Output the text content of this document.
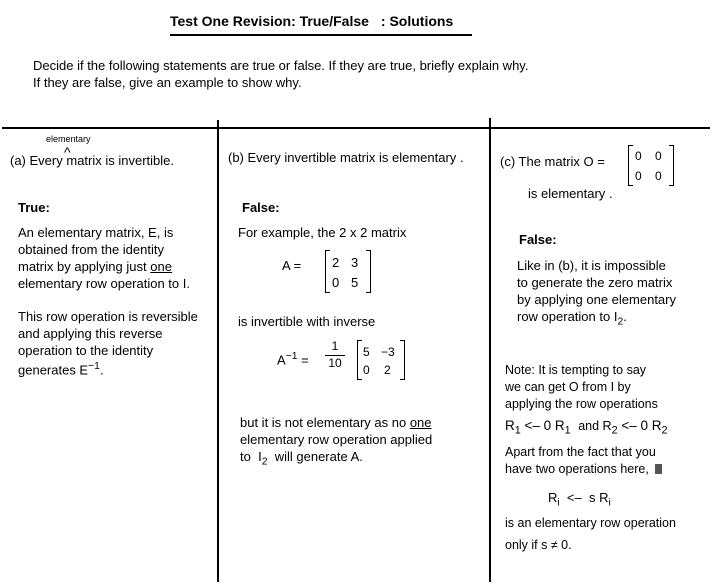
Test One Revision: True/False : Solutions
Decide if the following statements are true or false. If they are true, briefly explain why.
If they are false, give an example to show why.
elementary
^
(a) Every matrix is invertible.
True:
An elementary matrix, E, is
obtained from the identity
matrix by applying just one
elementary row operation to I.
This row operation is reversible
and applying this reverse
operation to the identity
generates $E^{-1}$.
(b) Every invertible matrix is elementary .
False:
For example, the 2 x 2 matrix
A = 2 3
0 5
is invertible with inverse
$A^{-1}$ =
1
10
5 −3
0 2
but it is not elementary as no one
elementary row operation applied
to $I_2$ will generate A.
(c) The matrix O =	0 0
0 0
is elementary .
False:
Like in (b), it is impossible
to generate the zero matrix
by applying one elementary
row operation to $I_2$.
Note: It is tempting to say
we can get O from I by
applying the row operations
$R_1 <- 0$ $R_1$ and $R_2 <- 0$ $R_2$
Apart from the fact that you
have two operations here,
$R_i <- s$ $R_i$
is an elementary row operation
only if s ≠ 0.
